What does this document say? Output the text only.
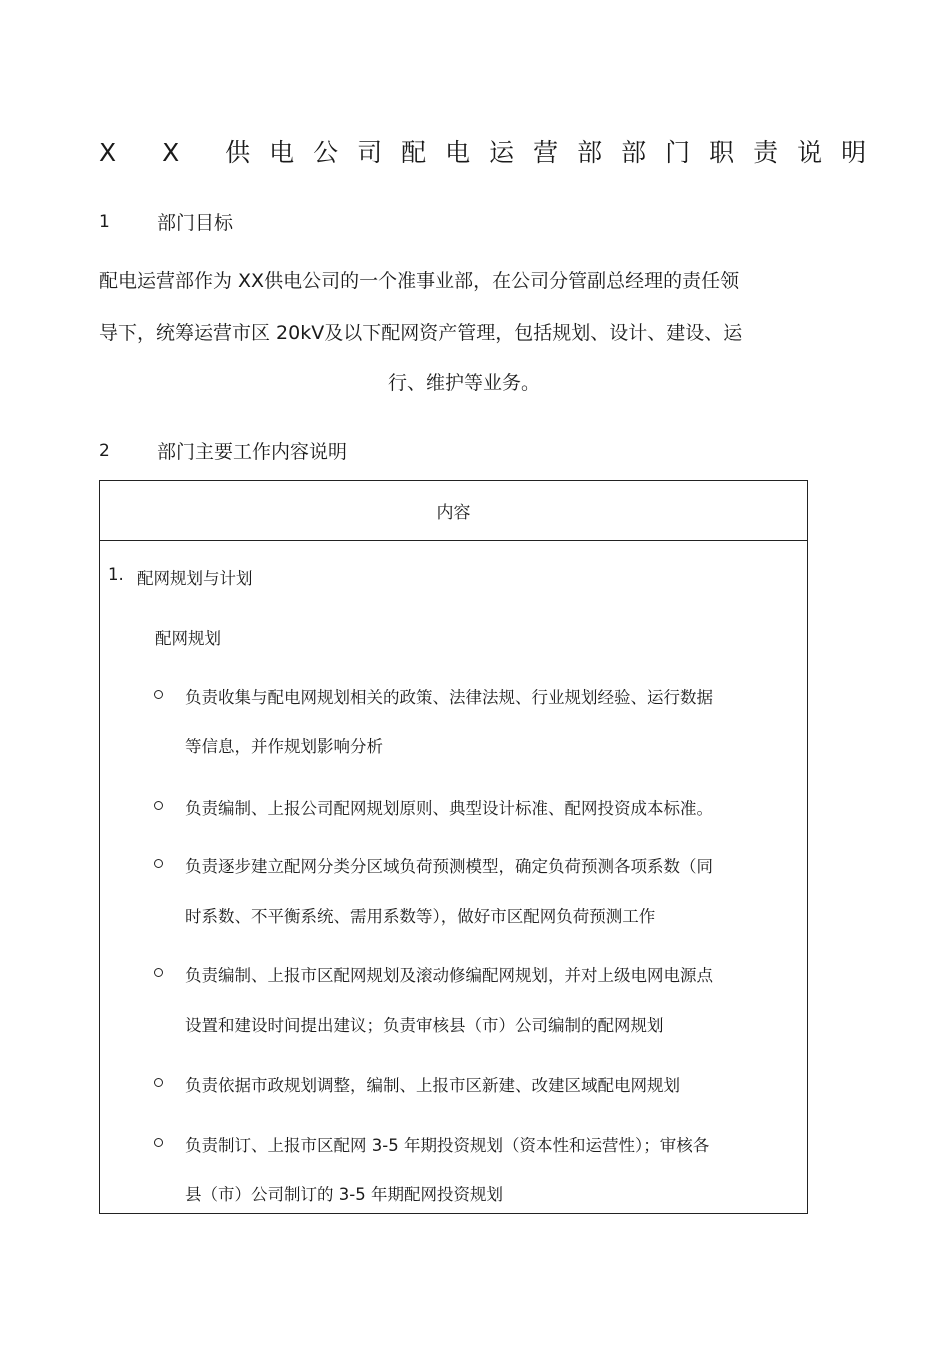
X X 供电公司配电运营部部门职责说明
1 部门目标
配电运营部作为 XX供电公司的一个准事业部，在公司分管副总经理的责任领
导下，统筹运营市区 20kV及以下配网资产管理，包括规划、设计、建设、运
行、维护等业务。
2 部门主要工作内容说明
内容
1. 配网规划与计划
配网规划
负责收集与配电网规划相关的政策、法律法规、行业规划经验、运行数据
等信息，并作规划影响分析
负责编制、上报公司配网规划原则、典型设计标准、配网投资成本标准。
负责逐步建立配网分类分区域负荷预测模型，确定负荷预测各项系数（同
时系数、不平衡系统、需用系数等），做好市区配网负荷预测工作
负责编制、上报市区配网规划及滚动修编配网规划，并对上级电网电源点
设置和建设时间提出建议；负责审核县（市）公司编制的配网规划
负责依据市政规划调整，编制、上报市区新建、改建区域配电网规划
负责制订、上报市区配网 3-5 年期投资规划（资本性和运营性）；审核各
县（市）公司制订的 3-5 年期配网投资规划
